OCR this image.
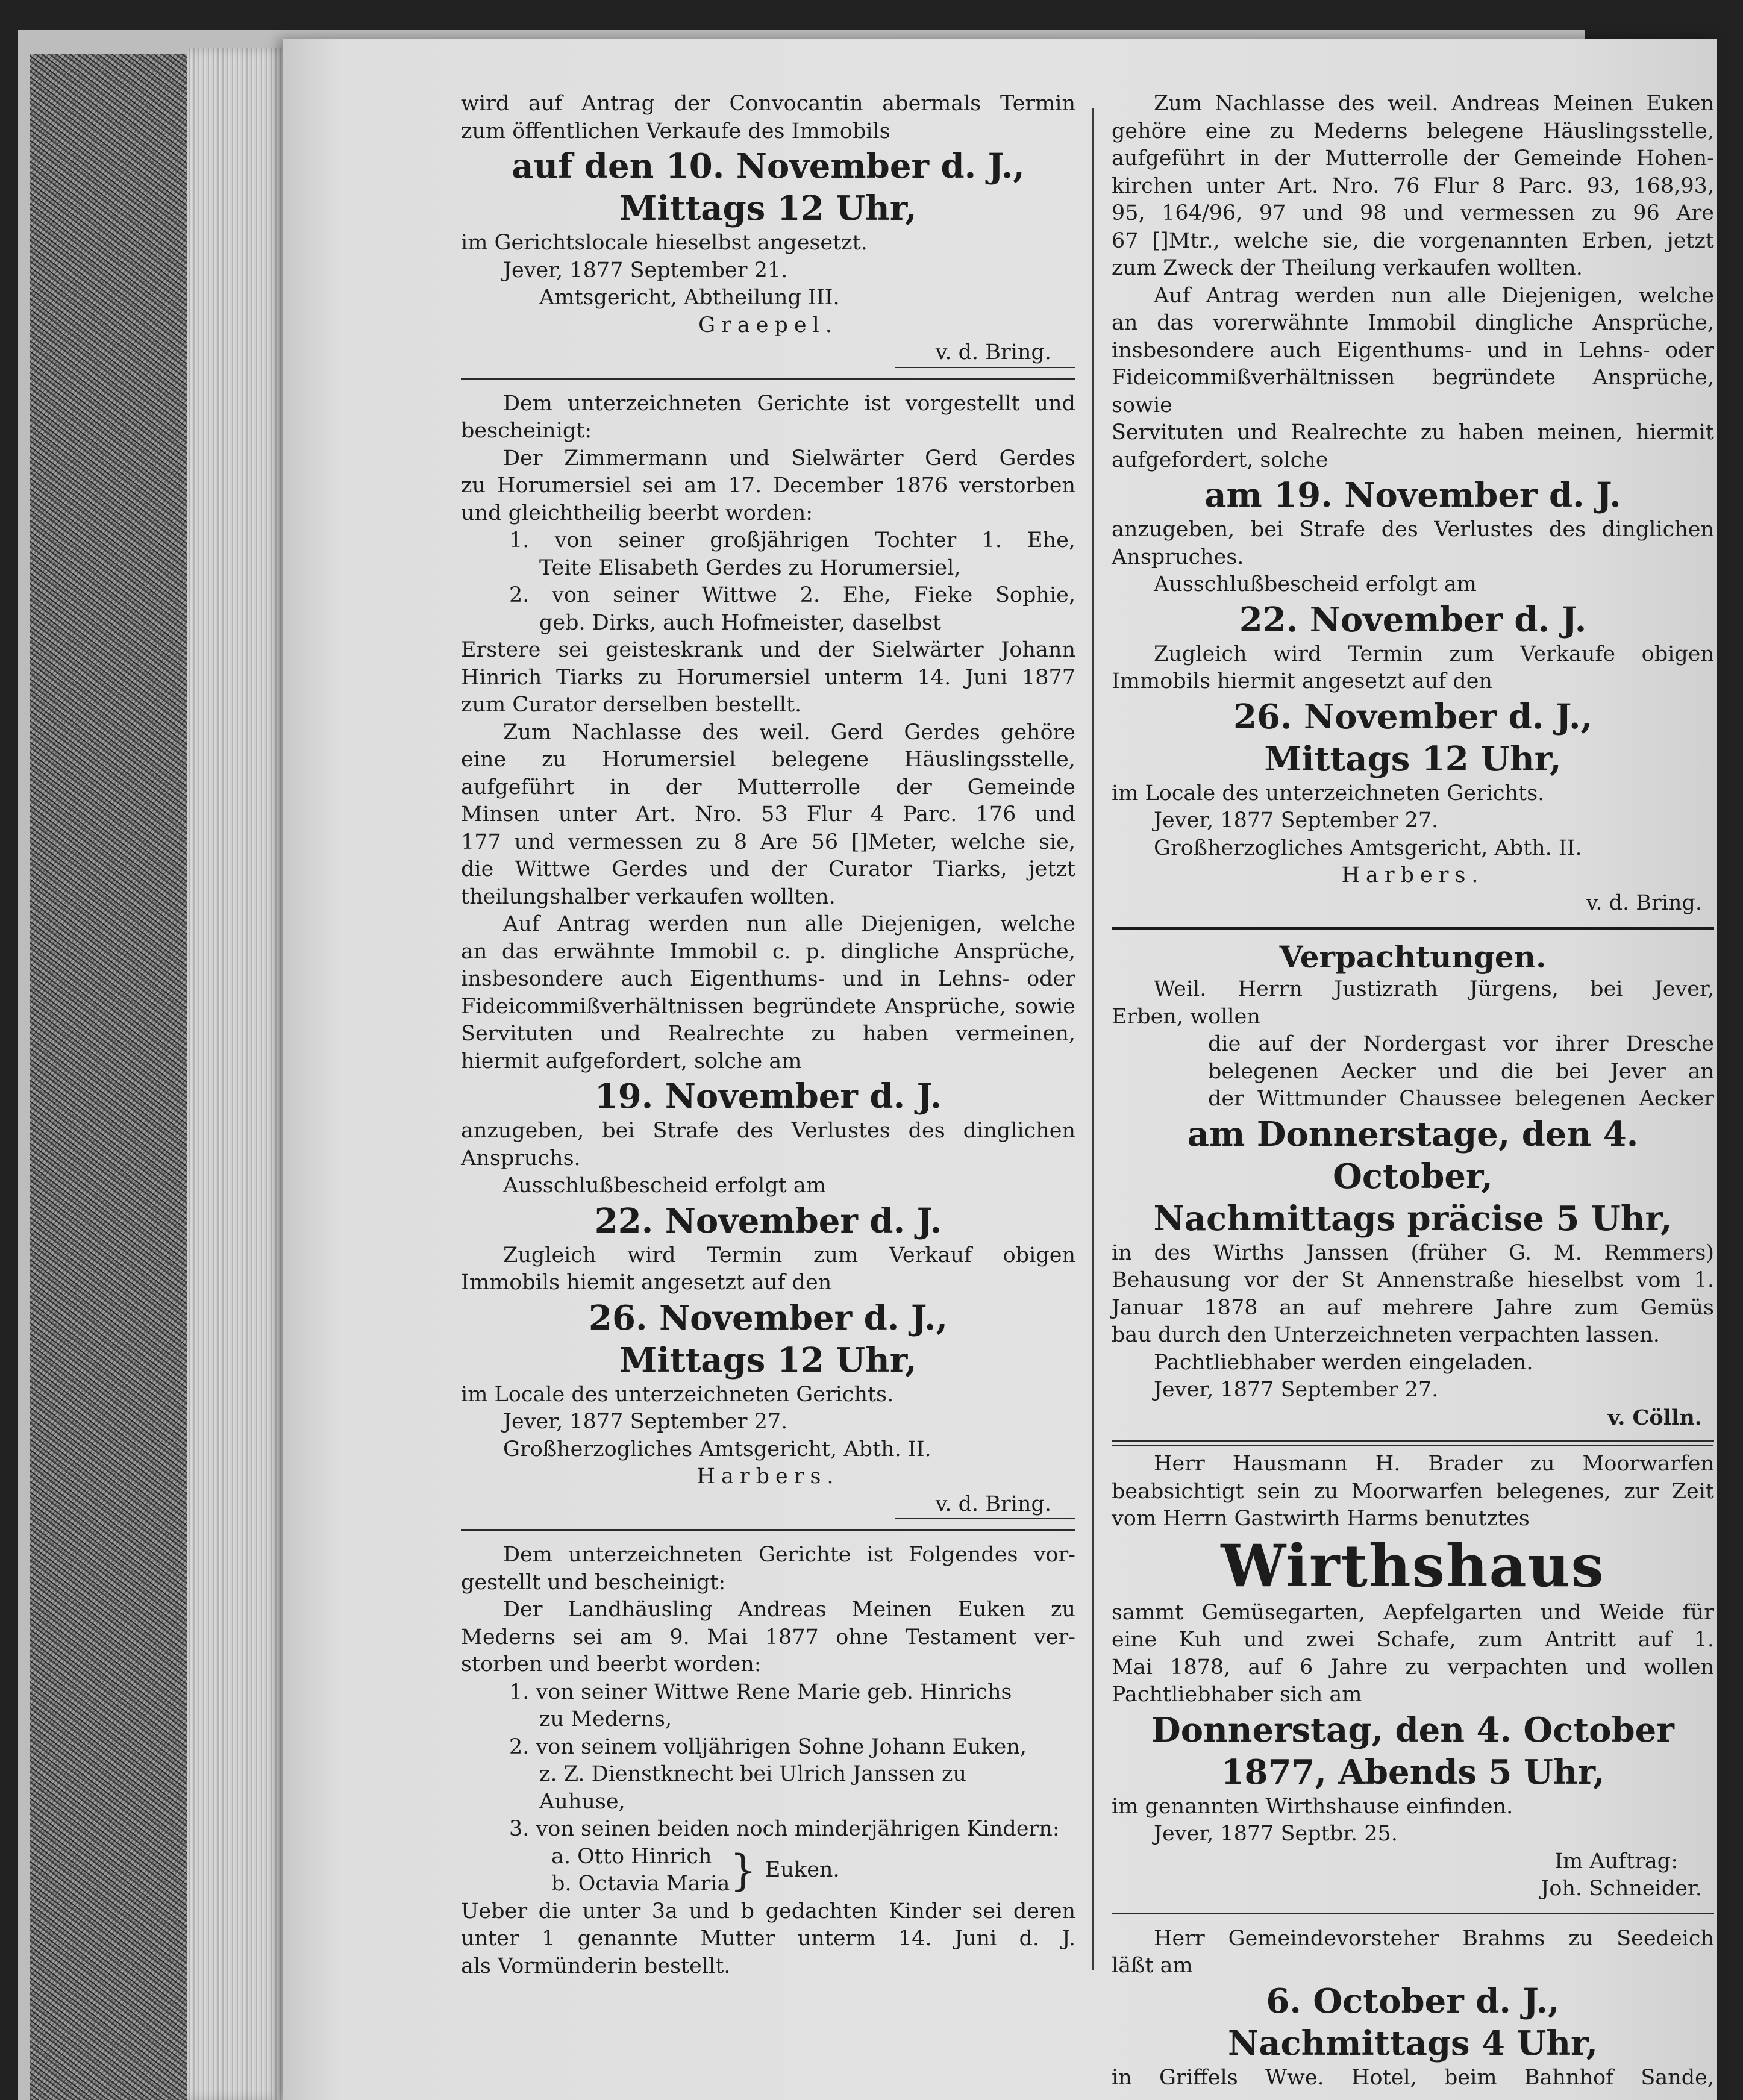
wird auf Antrag der Convocantin abermals Termin

zum öffentlichen Verkaufe des Immobils

auf den 10. November d. J.,

Mittags 12 Uhr,

im Gerichtslocale hieselbst angesetzt.

Jever, 1877 September 21.

Amtsgericht, Abtheilung III.

Graepel.

v. d. Bring.

Dem unterzeichneten Gerichte ist vorgestellt und

bescheinigt:

Der Zimmermann und Sielwärter Gerd Gerdes

zu Horumersiel sei am 17. December 1876 verstorben

und gleichtheilig beerbt worden:

1. von seiner großjährigen Tochter 1. Ehe,

Teite Elisabeth Gerdes zu Horumersiel,

2. von seiner Wittwe 2. Ehe, Fieke Sophie,

geb. Dirks, auch Hofmeister, daselbst

Erstere sei geisteskrank und der Sielwärter Johann

Hinrich Tiarks zu Horumersiel unterm 14. Juni 1877

zum Curator derselben bestellt.

Zum Nachlasse des weil. Gerd Gerdes gehöre

eine zu Horumersiel belegene Häuslingsstelle,

aufgeführt in der Mutterrolle der Gemeinde

Minsen unter Art. Nro. 53 Flur 4 Parc. 176 und

177 und vermessen zu 8 Are 56 []Meter, welche sie,

die Wittwe Gerdes und der Curator Tiarks, jetzt

theilungshalber verkaufen wollten.

Auf Antrag werden nun alle Diejenigen, welche

an das erwähnte Immobil c. p. dingliche Ansprüche,

insbesondere auch Eigenthums- und in Lehns- oder

Fideicommißverhältnissen begründete Ansprüche, sowie

Servituten und Realrechte zu haben vermeinen,

hiermit aufgefordert, solche am

19. November d. J.

anzugeben, bei Strafe des Verlustes des dinglichen

Anspruchs.

Ausschlußbescheid erfolgt am

22. November d. J.

Zugleich wird Termin zum Verkauf obigen

Immobils hiemit angesetzt auf den

26. November d. J.,

Mittags 12 Uhr,

im Locale des unterzeichneten Gerichts.

Jever, 1877 September 27.

Großherzogliches Amtsgericht, Abth. II.

Harbers.

v. d. Bring.

Dem unterzeichneten Gerichte ist Folgendes vor-

gestellt und bescheinigt:

Der Landhäusling Andreas Meinen Euken zu

Mederns sei am 9. Mai 1877 ohne Testament ver-

storben und beerbt worden:

1. von seiner Wittwe Rene Marie geb. Hinrichs

zu Mederns,

2. von seinem volljährigen Sohne Johann Euken,

z. Z. Dienstknecht bei Ulrich Janssen zu

Auhuse,

3. von seinen beiden noch minderjährigen Kindern:

a. Otto Hinrich

b. Octavia Maria } Euken.

Ueber die unter 3a und b gedachten Kinder sei deren

unter 1 genannte Mutter unterm 14. Juni d. J.

als Vormünderin bestellt.

Zum Nachlasse des weil. Andreas Meinen Euken

gehöre eine zu Mederns belegene Häuslingsstelle,

aufgeführt in der Mutterrolle der Gemeinde Hohen-

kirchen unter Art. Nro. 76 Flur 8 Parc. 93, 168,93,

95, 164/96, 97 und 98 und vermessen zu 96 Are

67 []Mtr., welche sie, die vorgenannten Erben, jetzt

zum Zweck der Theilung verkaufen wollten.

Auf Antrag werden nun alle Diejenigen, welche

an das vorerwähnte Immobil dingliche Ansprüche,

insbesondere auch Eigenthums- und in Lehns- oder

Fideicommißverhältnissen begründete Ansprüche, sowie

Servituten und Realrechte zu haben meinen, hiermit

aufgefordert, solche

am 19. November d. J.

anzugeben, bei Strafe des Verlustes des dinglichen

Anspruches.

Ausschlußbescheid erfolgt am

22. November d. J.

Zugleich wird Termin zum Verkaufe obigen

Immobils hiermit angesetzt auf den

26. November d. J.,

Mittags 12 Uhr,

im Locale des unterzeichneten Gerichts.

Jever, 1877 September 27.

Großherzogliches Amtsgericht, Abth. II.

Harbers.

v. d. Bring.

Verpachtungen.

Weil. Herrn Justizrath Jürgens, bei Jever,

Erben, wollen

die auf der Nordergast vor ihrer Dresche

belegenen Aecker und die bei Jever an

der Wittmunder Chaussee belegenen Aecker

am Donnerstage, den 4. October,

Nachmittags präcise 5 Uhr,

in des Wirths Janssen (früher G. M. Remmers)

Behausung vor der St Annenstraße hieselbst vom 1.

Januar 1878 an auf mehrere Jahre zum Gemüs

bau durch den Unterzeichneten verpachten lassen.

Pachtliebhaber werden eingeladen.

Jever, 1877 September 27.

v. Cölln.

Herr Hausmann H. Brader zu Moorwarfen

beabsichtigt sein zu Moorwarfen belegenes, zur Zeit

vom Herrn Gastwirth Harms benutztes

Wirthshaus

sammt Gemüsegarten, Aepfelgarten und Weide für

eine Kuh und zwei Schafe, zum Antritt auf 1.

Mai 1878, auf 6 Jahre zu verpachten und wollen

Pachtliebhaber sich am

Donnerstag, den 4. October

1877, Abends 5 Uhr,

im genannten Wirthshause einfinden.

Jever, 1877 Septbr. 25.

Im Auftrag:

Joh. Schneider.

Herr Gemeindevorsteher Brahms zu Seedeich

läßt am

6. October d. J.,

Nachmittags 4 Uhr,

in Griffels Wwe. Hotel, beim Bahnhof Sande,
